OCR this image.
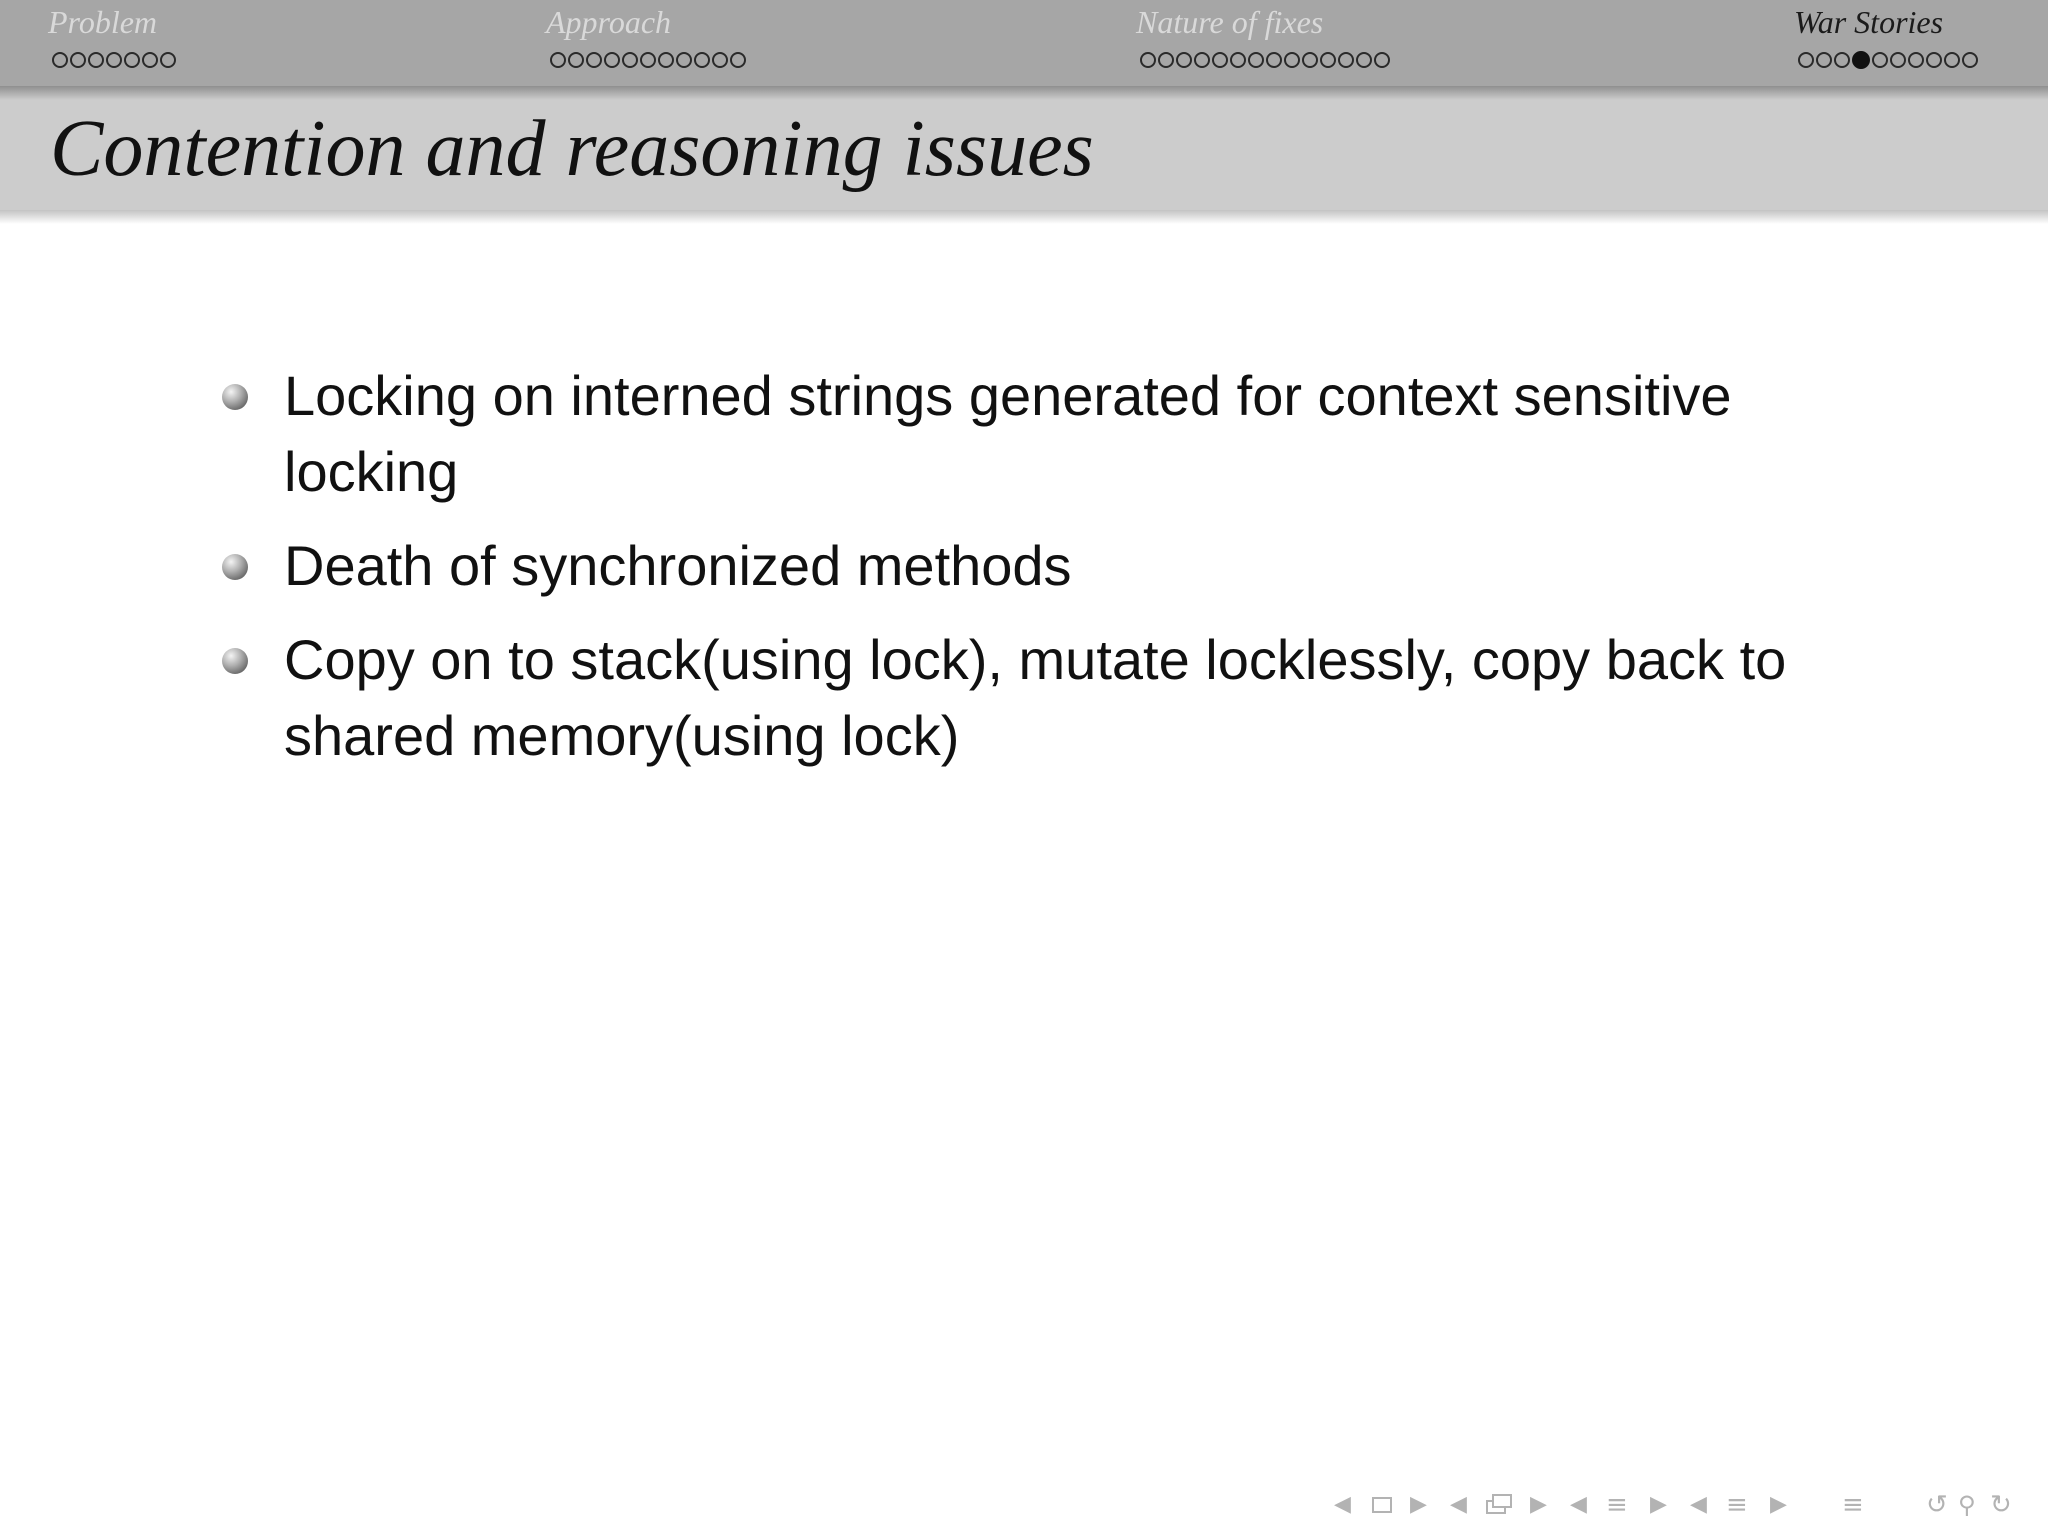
Problem	Approach	Nature of fixes	War Stories
Contention and reasoning issues
Locking on interned strings generated for context sensitive locking
Death of synchronized methods
Copy on to stack(using lock), mutate locklessly, copy back to shared memory(using lock)
◀	▶ ◀	▶ ◀ ≡ ▶ ◀ ≡ ▶ ≡ ↺ ⚲ ↻
